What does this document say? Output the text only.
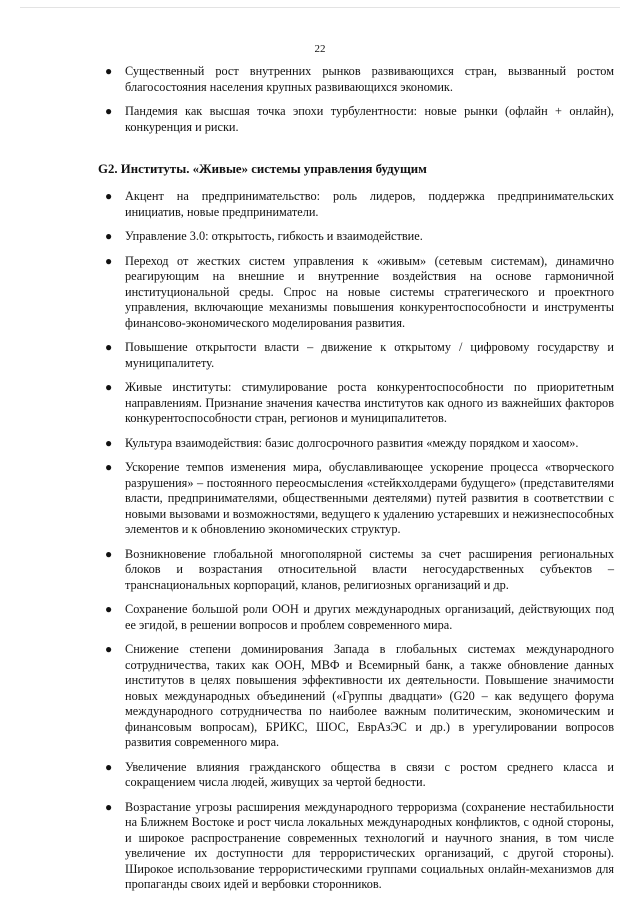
22
● Существенный рост внутренних рынков развивающихся стран, вызванный ростом благосостояния населения крупных развивающихся экономик.
● Пандемия как высшая точка эпохи турбулентности: новые рынки (офлайн + онлайн), конкуренция и риски.
G2. Институты. «Живые» системы управления будущим
● Акцент на предпринимательство: роль лидеров, поддержка предпринимательских инициатив, новые предприниматели.
● Управление 3.0: открытость, гибкость и взаимодействие.
● Переход от жестких систем управления к «живым» (сетевым системам), динамично реагирующим на внешние и внутренние воздействия на основе гармоничной институциональной среды. Спрос на новые системы стратегического и проектного управления, включающие механизмы повышения конкурентоспособности и инструменты финансово-экономического моделирования развития.
● Повышение открытости власти – движение к открытому / цифровому государству и муниципалитету.
● Живые институты: стимулирование роста конкурентоспособности по приоритетным направлениям. Признание значения качества институтов как одного из важнейших факторов конкурентоспособности стран, регионов и муниципалитетов.
● Культура взаимодействия: базис долгосрочного развития «между порядком и хаосом».
● Ускорение темпов изменения мира, обуславливающее ускорение процесса «творческого разрушения» – постоянного переосмысления «стейкхолдерами будущего» (представителями власти, предпринимателями, общественными деятелями) путей развития в соответствии с новыми вызовами и возможностями, ведущего к удалению устаревших и нежизнеспособных элементов и к обновлению экономических структур.
● Возникновение глобальной многополярной системы за счет расширения региональных блоков и возрастания относительной власти негосударственных субъектов – транснациональных корпораций, кланов, религиозных организаций и др.
● Сохранение большой роли ООН и других международных организаций, действующих под ее эгидой, в решении вопросов и проблем современного мира.
● Снижение степени доминирования Запада в глобальных системах международного сотрудничества, таких как ООН, МВФ и Всемирный банк, а также обновление данных институтов в целях повышения эффективности их деятельности. Повышение значимости новых международных объединений («Группы двадцати» (G20 – как ведущего форума международного сотрудничества по наиболее важным политическим, экономическим и финансовым вопросам), БРИКС, ШОС, ЕврАзЭС и др.) в урегулировании вопросов развития современного мира.
● Увеличение влияния гражданского общества в связи с ростом среднего класса и сокращением числа людей, живущих за чертой бедности.
● Возрастание угрозы расширения международного терроризма (сохранение нестабильности на Ближнем Востоке и рост числа локальных международных конфликтов, с одной стороны, и широкое распространение современных технологий и научного знания, в том числе увеличение их доступности для террористических организаций, с другой стороны). Широкое использование террористическими группами социальных онлайн-механизмов для пропаганды своих идей и вербовки сторонников.
